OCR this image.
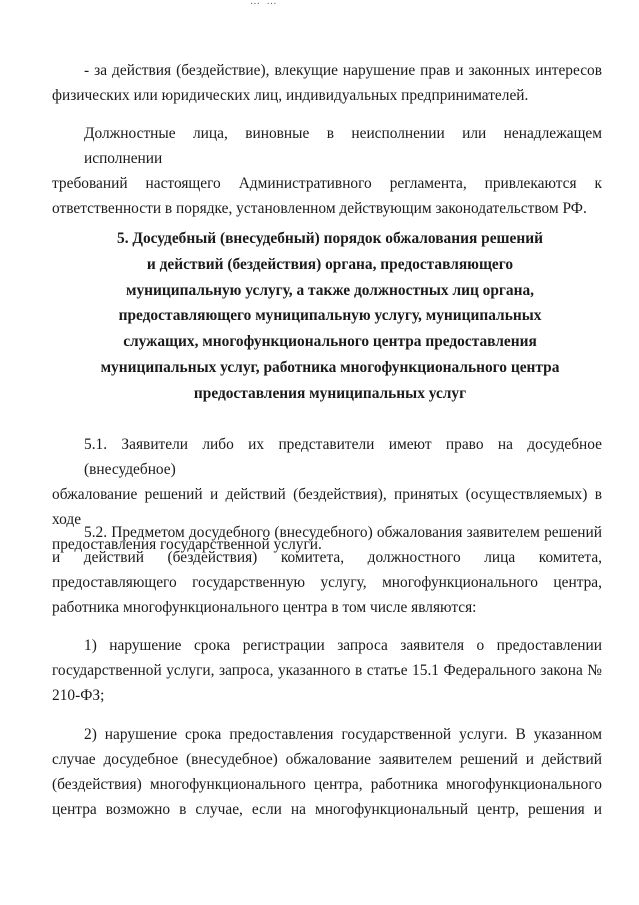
… …
- за действия (бездействие), влекущие нарушение прав и законных интересов
физических или юридических лиц, индивидуальных предпринимателей.
Должностные лица, виновные в неисполнении или ненадлежащем исполнении
требований настоящего Административного регламента, привлекаются к
ответственности в порядке, установленном действующим законодательством РФ.
5. Досудебный (внесудебный) порядок обжалования решений
и действий (бездействия) органа, предоставляющего
муниципальную услугу, а также должностных лиц органа,
предоставляющего муниципальную услугу, муниципальных
служащих, многофункционального центра предоставления
муниципальных услуг, работника многофункционального центра
предоставления муниципальных услуг
5.1. Заявители либо их представители имеют право на досудебное (внесудебное)
обжалование решений и действий (бездействия), принятых (осуществляемых) в ходе
предоставления государственной услуги.
5.2. Предметом досудебного (внесудебного) обжалования заявителем решений
и действий (бездействия) комитета, должностного лица комитета,
предоставляющего государственную услугу, многофункционального центра,
работника многофункционального центра в том числе являются:
1) нарушение срока регистрации запроса заявителя о предоставлении
государственной услуги, запроса, указанного в статье 15.1 Федерального закона №
210-ФЗ;
2) нарушение срока предоставления государственной услуги. В указанном
случае досудебное (внесудебное) обжалование заявителем решений и действий
(бездействия) многофункционального центра, работника многофункционального
центра возможно в случае, если на многофункциональный центр, решения и
